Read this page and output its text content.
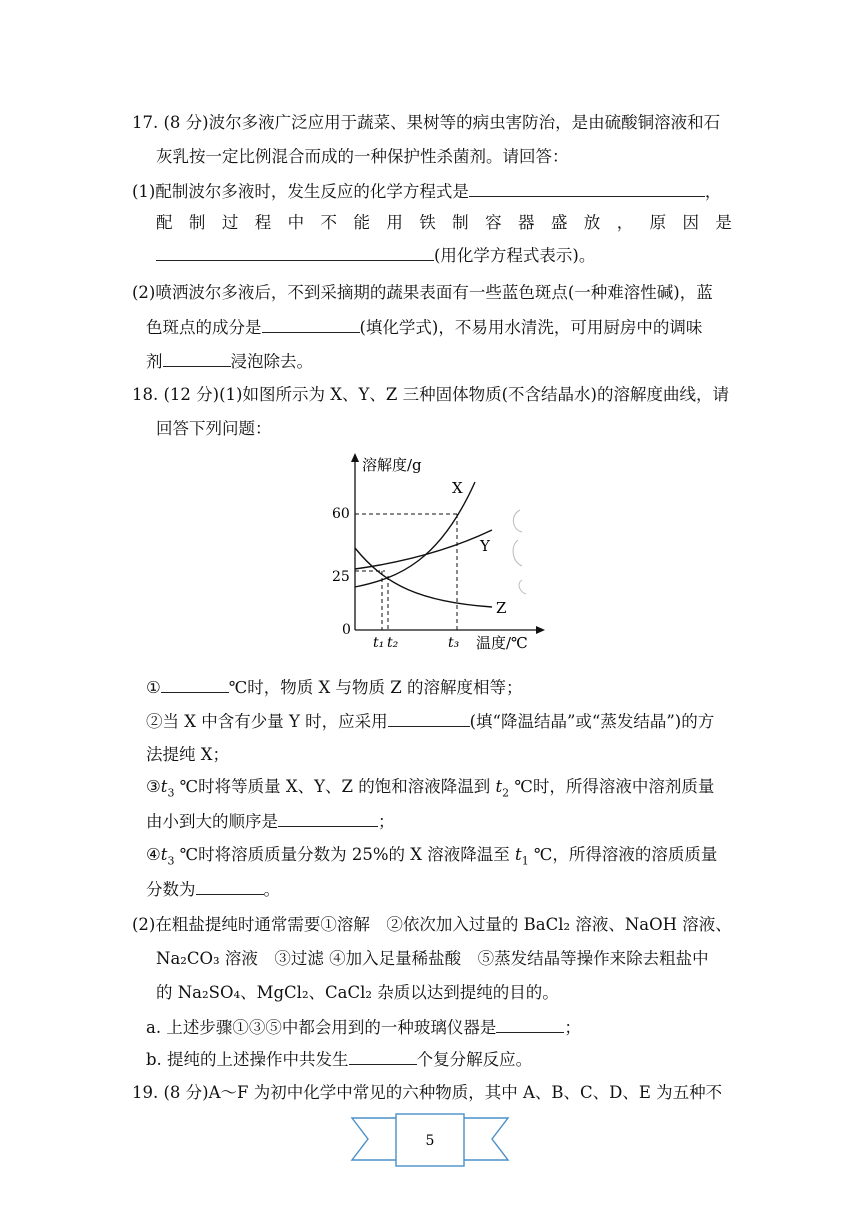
17. (8 分)波尔多液广泛应用于蔬菜、果树等的病虫害防治，是由硫酸铜溶液和石
灰乳按一定比例混合而成的一种保护性杀菌剂。请回答：
(1)配制波尔多液时，发生反应的化学方程式是	，
配 制 过 程 中 不 能 用 铁 制 容 器 盛 放 ， 原 因 是
(用化学方程式表示)。
(2)喷洒波尔多液后，不到采摘期的蔬果表面有一些蓝色斑点(一种难溶性碱)，蓝
色斑点的成分是	(填化学式)，不易用水清洗，可用厨房中的调味
剂	浸泡除去。
18. (12 分)(1)如图所示为 X、Y、Z 三种固体物质(不含结晶水)的溶解度曲线，请
回答下列问题：
溶解度/g
温度/℃
0
25
60
t₁ t₂	t₃
X
Y
Z
①	℃时，物质 X 与物质 Z 的溶解度相等；
②当 X 中含有少量 Y 时，应采用	(填“降温结晶”或“蒸发结晶”)的方
法提纯 X；
$③t_3$ ℃时将等质量 X、Y、Z 的饱和溶液降温到 $t_2$ ℃时，所得溶液中溶剂质量
由小到大的顺序是	；
$④t_3$ ℃时将溶质质量分数为 25%的 X 溶液降温至 $t_1$ ℃，所得溶液的溶质质量
分数为	。
(2)在粗盐提纯时通常需要①溶解　②依次加入过量的 BaCl₂ 溶液、NaOH 溶液、
Na₂CO₃ 溶液　③过滤 ④加入足量稀盐酸　⑤蒸发结晶等操作来除去粗盐中
的 Na₂SO₄、MgCl₂、CaCl₂ 杂质以达到提纯的目的。
a. 上述步骤①③⑤中都会用到的一种玻璃仪器是	；
b. 提纯的上述操作中共发生	个复分解反应。
19. (8 分)A～F 为初中化学中常见的六种物质，其中 A、B、C、D、E 为五种不
5
